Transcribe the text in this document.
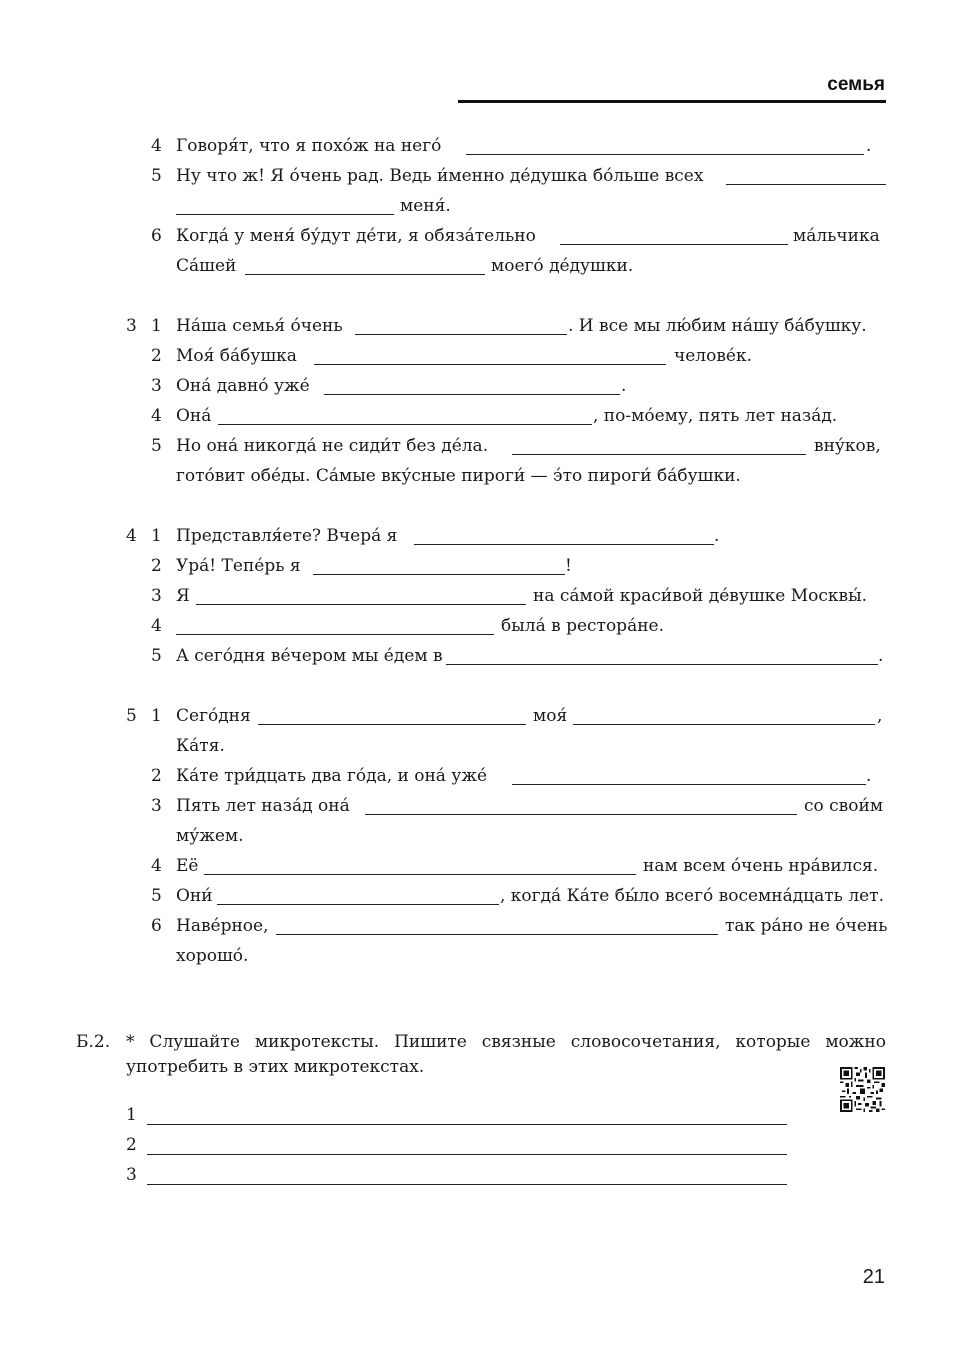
семья
4 Говоря́т, что я похо́ж на него́	.
5 Ну что ж! Я о́чень рад. Ведь и́менно де́душка бо́льше всех
меня́.
6 Когда́ у меня́ бу́дут де́ти, я обяза́тельно	ма́льчика
Са́шей	моего́ де́душки.
3 1 На́ша семья́ о́чень	. И все мы лю́бим на́шу ба́бушку.
2 Моя́ ба́бушка	челове́к.
3 Она́ давно́ уже́	.
4 Она́	, по-мо́ему, пять лет наза́д.
5 Но она́ никогда́ не сиди́т без де́ла.	вну́ков,
гото́вит обе́ды. Са́мые вку́сные пироги́ — э́то пироги́ ба́бушки.
4 1 Представля́ете? Вчера́ я	.
2 Ура́! Тепе́рь я	!
3 Я	на са́мой краси́вой де́вушке Москвы́.
4	была́ в рестора́не.
5 А сего́дня ве́чером мы е́дем в	.
5 1 Сего́дня	моя́	,
Ка́тя.
2 Ка́те три́дцать два го́да, и она́ уже́	.
3 Пять лет наза́д она́	со свои́м
му́жем.
4 Её	нам всем о́чень нра́вился.
5 Они́	, когда́ Ка́те бы́ло всего́ восемна́дцать лет.
6 Наве́рное,	так ра́но не о́чень
хорошо́.
Б.2. * Слушайте микротексты. Пишите связные словосочетания, которые можно употребить в этих микротекстах.
1
2
3
21
